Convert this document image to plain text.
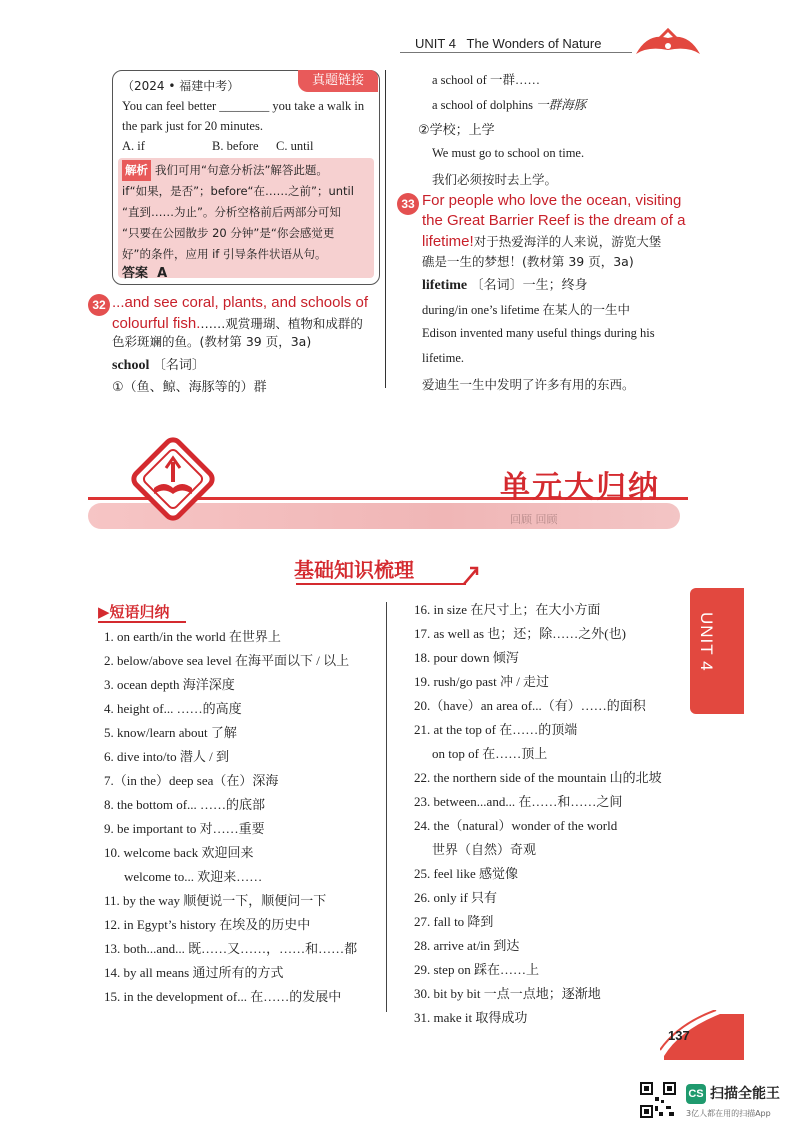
UNIT 4 The Wonders of Nature
真题链接
（2024 • 福建中考）
You can feel better ________ you take a walk in
the park just for 20 minutes.
A. if	B. before C. until
解析 我们可用“句意分析法”解答此题。
if“如果，是否”；before“在……之前”；until
“直到……为止”。分析空格前后两部分可知
“只要在公园散步 20 分钟”是“你会感觉更
好”的条件，应用 if 引导条件状语从句。
答案 A
32 ...and see coral, plants, and schools of
colourful fish.……观赏珊瑚、植物和成群的
色彩斑斓的鱼。(教材第 39 页，3a)
school 〔名词〕
①（鱼、鲸、海豚等的）群
a school of 一群……
a school of dolphins 一群海豚
②学校；上学
We must go to school on time.
我们必须按时去上学。
33 For people who love the ocean, visiting
the Great Barrier Reef is the dream of a
lifetime!对于热爱海洋的人来说，游览大堡
礁是一生的梦想！(教材第 39 页，3a)
lifetime 〔名词〕一生；终身
during/in one’s lifetime 在某人的一生中
Edison invented many useful things during his
lifetime.
爱迪生一生中发明了许多有用的东西。
回顾 回顾
单元大归纳
基础知识梳理
▶短语归纳
1. on earth/in the world 在世界上
2. below/above sea level 在海平面以下 / 以上
3. ocean depth 海洋深度
4. height of... ……的高度
5. know/learn about 了解
6. dive into/to 潜人 / 到
7.（in the）deep sea（在）深海
8. the bottom of... ……的底部
9. be important to 对……重要
10. welcome back 欢迎回来
welcome to... 欢迎来……
11. by the way 顺便说一下，顺便问一下
12. in Egypt’s history 在埃及的历史中
13. both...and... 既……又……，……和……都
14. by all means 通过所有的方式
15. in the development of... 在……的发展中
16. in size 在尺寸上；在大小方面
17. as well as 也；还；除……之外(也)
18. pour down 倾泻
19. rush/go past 冲 / 走过
20.（have）an area of...（有）……的面积
21. at the top of 在……的顶端
on top of 在……顶上
22. the northern side of the mountain 山的北坡
23. between...and... 在……和……之间
24. the（natural）wonder of the world
世界（自然）奇观
25. feel like 感觉像
26. only if 只有
27. fall to 降到
28. arrive at/in 到达
29. step on 踩在……上
30. bit by bit 一点一点地；逐渐地
31. make it 取得成功
UNIT 4
137
CS 扫描全能王
3亿人都在用的扫描App
